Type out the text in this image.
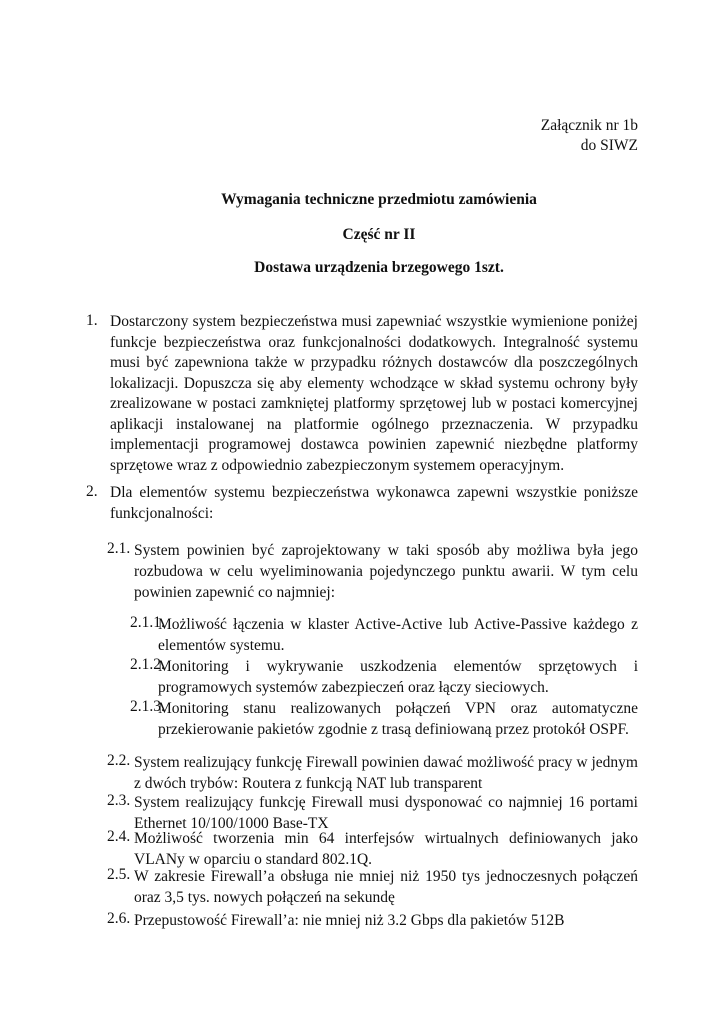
Załącznik nr 1b
do SIWZ
Wymagania techniczne przedmiotu zamówienia
Część nr II
Dostawa urządzenia brzegowego 1szt.
1. Dostarczony system bezpieczeństwa musi zapewniać wszystkie wymienione poniżej funkcje bezpieczeństwa oraz funkcjonalności dodatkowych. Integralność systemu musi być zapewniona także w przypadku różnych dostawców dla poszczególnych lokalizacji. Dopuszcza się aby elementy wchodzące w skład systemu ochrony były zrealizowane w postaci zamkniętej platformy sprzętowej lub w postaci komercyjnej aplikacji instalowanej na platformie ogólnego przeznaczenia. W przypadku implementacji programowej dostawca powinien zapewnić niezbędne platformy sprzętowe wraz z odpowiednio zabezpieczonym systemem operacyjnym.
2. Dla elementów systemu bezpieczeństwa wykonawca zapewni wszystkie poniższe funkcjonalności:
2.1. System powinien być zaprojektowany w taki sposób aby możliwa była jego rozbudowa w celu wyeliminowania pojedynczego punktu awarii. W tym celu powinien zapewnić co najmniej:
2.1.1.
Możliwość łączenia w klaster Active-Active lub Active-Passive każdego z elementów systemu.
2.1.2.
Monitoring i wykrywanie uszkodzenia elementów sprzętowych i programowych systemów zabezpieczeń oraz łączy sieciowych.
2.1.3.
Monitoring stanu realizowanych połączeń VPN oraz automatyczne przekierowanie pakietów zgodnie z trasą definiowaną przez protokół OSPF.
2.2. System realizujący funkcję Firewall powinien dawać możliwość pracy w jednym z dwóch trybów: Routera z funkcją NAT lub transparent
2.3. System realizujący funkcję Firewall musi dysponować co najmniej 16 portami Ethernet 10/100/1000 Base-TX
2.4. Możliwość tworzenia min 64 interfejsów wirtualnych definiowanych jako VLANy w oparciu o standard 802.1Q.
2.5. W zakresie Firewall’a obsługa nie mniej niż 1950 tys jednoczesnych połączeń oraz 3,5 tys. nowych połączeń na sekundę
2.6. Przepustowość Firewall’a: nie mniej niż 3.2 Gbps dla pakietów 512B
